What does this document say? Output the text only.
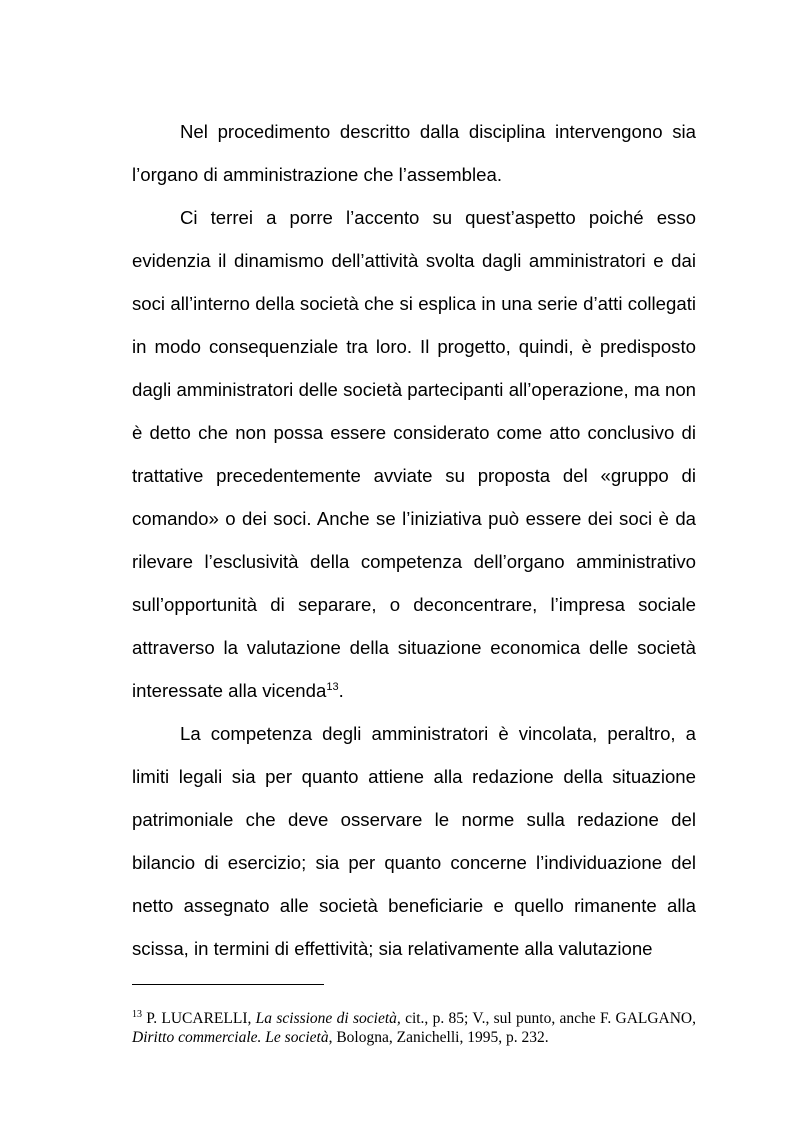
Nel procedimento descritto dalla disciplina intervengono sia l’organo di amministrazione che l’assemblea.

Ci terrei a porre l’accento su quest’aspetto poiché esso evidenzia il dinamismo dell’attività svolta dagli amministratori e dai soci all’interno della società che si esplica in una serie d’atti collegati in modo consequenziale tra loro. Il progetto, quindi, è predisposto dagli amministratori delle società partecipanti all’operazione, ma non è detto che non possa essere considerato come atto conclusivo di trattative precedentemente avviate su proposta del «gruppo di comando» o dei soci. Anche se l’iniziativa può essere dei soci è da rilevare l’esclusività della competenza dell’organo amministrativo sull’opportunità di separare, o deconcentrare, l’impresa sociale attraverso la valutazione della situazione economica delle società interessate alla vicenda$^{13}$.

La competenza degli amministratori è vincolata, peraltro, a limiti legali sia per quanto attiene alla redazione della situazione patrimoniale che deve osservare le norme sulla redazione del bilancio di esercizio; sia per quanto concerne l’individuazione del netto assegnato alle società beneficiarie e quello rimanente alla scissa, in termini di effettività; sia relativamente alla valutazione

$^{13}$ P. LUCARELLI, La scissione di società, cit., p. 85; V., sul punto, anche F. GALGANO, Diritto commerciale. Le società, Bologna, Zanichelli, 1995, p. 232.
